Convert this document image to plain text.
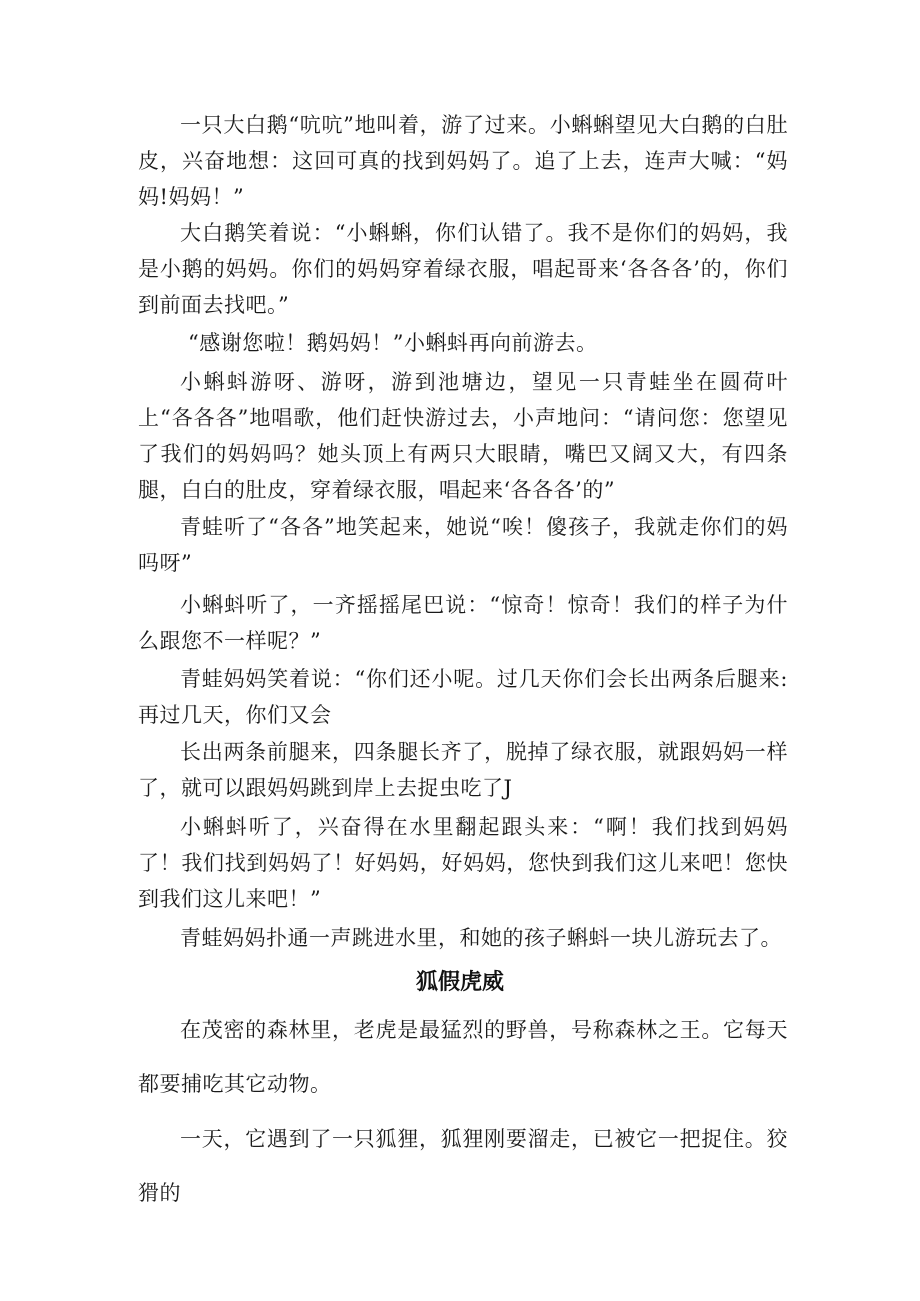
一只大白鹅“吭吭”地叫着，游了过来。小蝌蝌望见大白鹅的白肚皮，兴奋地想：这回可真的找到妈妈了。追了上去，连声大喊：“妈妈!妈妈！”

大白鹅笑着说：“小蝌蝌，你们认错了。我不是你们的妈妈，我是小鹅的妈妈。你们的妈妈穿着绿衣服，唱起哥来‘各各各’的，你们到前面去找吧。”

“感谢您啦！鹅妈妈！”小蝌蚪再向前游去。

小蝌蚪游呀、游呀，游到池塘边，望见一只青蛙坐在圆荷叶上“各各各”地唱歌，他们赶快游过去，小声地问：“请问您：您望见了我们的妈妈吗？她头顶上有两只大眼睛，嘴巴又阔又大，有四条腿，白白的肚皮，穿着绿衣服，唱起来‘各各各’的”

青蛙听了“各各”地笑起来，她说“唉！傻孩子，我就走你们的妈吗呀”

小蝌蚪听了，一齐摇摇尾巴说：“惊奇！惊奇！我们的样子为什么跟您不一样呢？”

青蛙妈妈笑着说：“你们还小呢。过几天你们会长出两条后腿来:再过几天，你们又会

长出两条前腿来，四条腿长齐了，脱掉了绿衣服，就跟妈妈一样了，就可以跟妈妈跳到岸上去捉虫吃了J

小蝌蚪听了，兴奋得在水里翻起跟头来：“啊！我们找到妈妈了！我们找到妈妈了！好妈妈，好妈妈，您快到我们这儿来吧！您快到我们这儿来吧！”

青蛙妈妈扑通一声跳进水里，和她的孩子蝌蚪一块儿游玩去了。

狐假虎威

在茂密的森林里，老虎是最猛烈的野兽，号称森林之王。它每天都要捕吃其它动物。

一天，它遇到了一只狐狸，狐狸刚要溜走，已被它一把捉住。狡猾的
